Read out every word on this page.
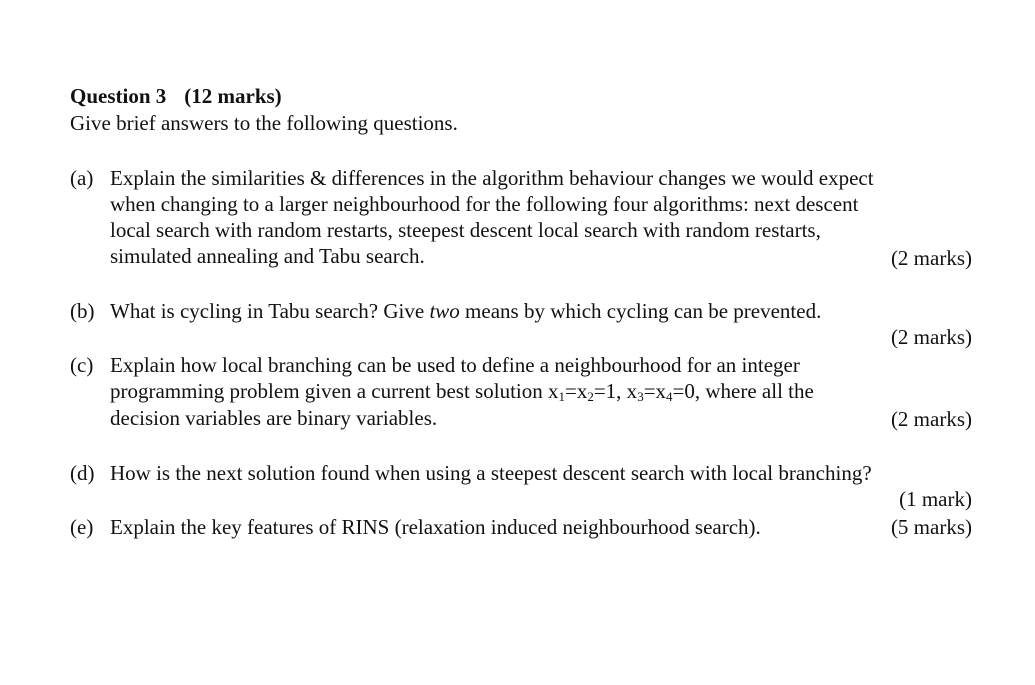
Question 3 (12 marks)
Give brief answers to the following questions.
(a) Explain the similarities & differences in the algorithm behaviour changes we would expect
when changing to a larger neighbourhood for the following four algorithms: next descent
local search with random restarts, steepest descent local search with random restarts,
simulated annealing and Tabu search.	(2 marks)
(b) What is cycling in Tabu search? Give two means by which cycling can be prevented.
(2 marks)
(c) Explain how local branching can be used to define a neighbourhood for an integer
programming problem given a current best solution $x_1=x_2=1$, $x_3=x_4=0$, where all the
decision variables are binary variables.	(2 marks)
(d) How is the next solution found when using a steepest descent search with local branching?
(1 mark)
(e) Explain the key features of RINS (relaxation induced neighbourhood search).	(5 marks)
